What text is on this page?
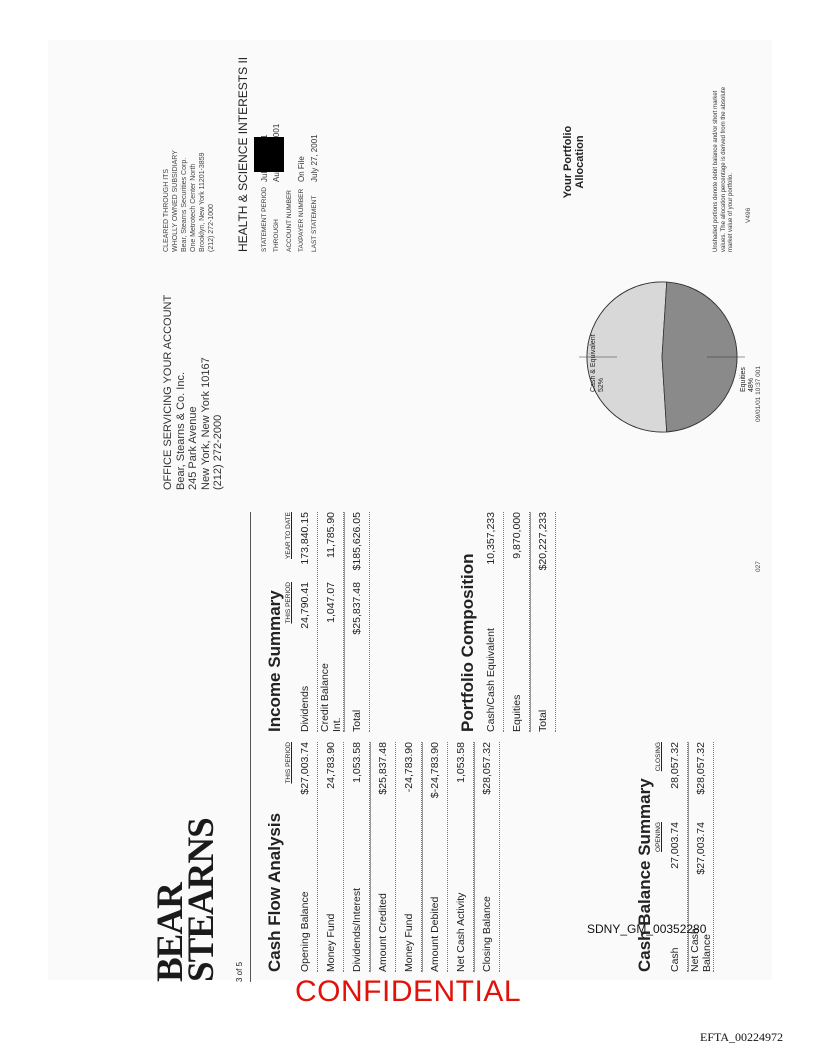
BEAR
STEARNS 3 of 5
OFFICE SERVICING YOUR ACCOUNT Bear, Stearns & Co. Inc. 245 Park Avenue New York, New York 10167 (212) 272-2000
CLEARED THROUGH ITS WHOLLY OWNED SUBSIDIARY Bear, Stearns Securities Corp. One Metrotech Center North Brooklyn, New York 11201-3859 (212) 272-1000 HEALTH & SCIENCE INTERESTS II STATEMENT PERIOD THROUGH ACCOUNT NUMBER TAXPAYER NUMBER
On File
LAST STATEMENT
July 27, 2001
Cash Flow Analysis
THIS PERIOD
Opening Balance
$27,003.74
Money Fund
24,783.90
Dividends/Interest
1,053.58
Amount Credited
$25,837.48
Money Fund
-24,783.90
Amount Debited
$-24,783.90
Net Cash Activity
1,053.58
Closing Balance
$28,057.32
Cash Balance Summary OPENING
CLOSING
Cash
27,003.74
28,057.32
Net Cash Balance
$27,003.74
$28,057.32
Income Summary THIS PERIOD
YEAR TO DATE
Dividends
24,790.41
173,840.15
Credit Balance Int.
1,047.07
11,785.90
Total
$25,837.48
$185,626.05
Portfolio Composition Cash/Cash Equivalent
10,357,233
Equities
9,870,000
Total
$20,227,233
Your Portfolio Allocation
Cash & Equivalent 52%	Equities 48%
Unshaded portions denote debit balance and/or short market values. The allocation percentage is derived from the absolute market value of your portfolio. V496
027
09/01/01 10:37 001
SDNY_GM_00352280
CONFIDENTIAL
EFTA_00224972
